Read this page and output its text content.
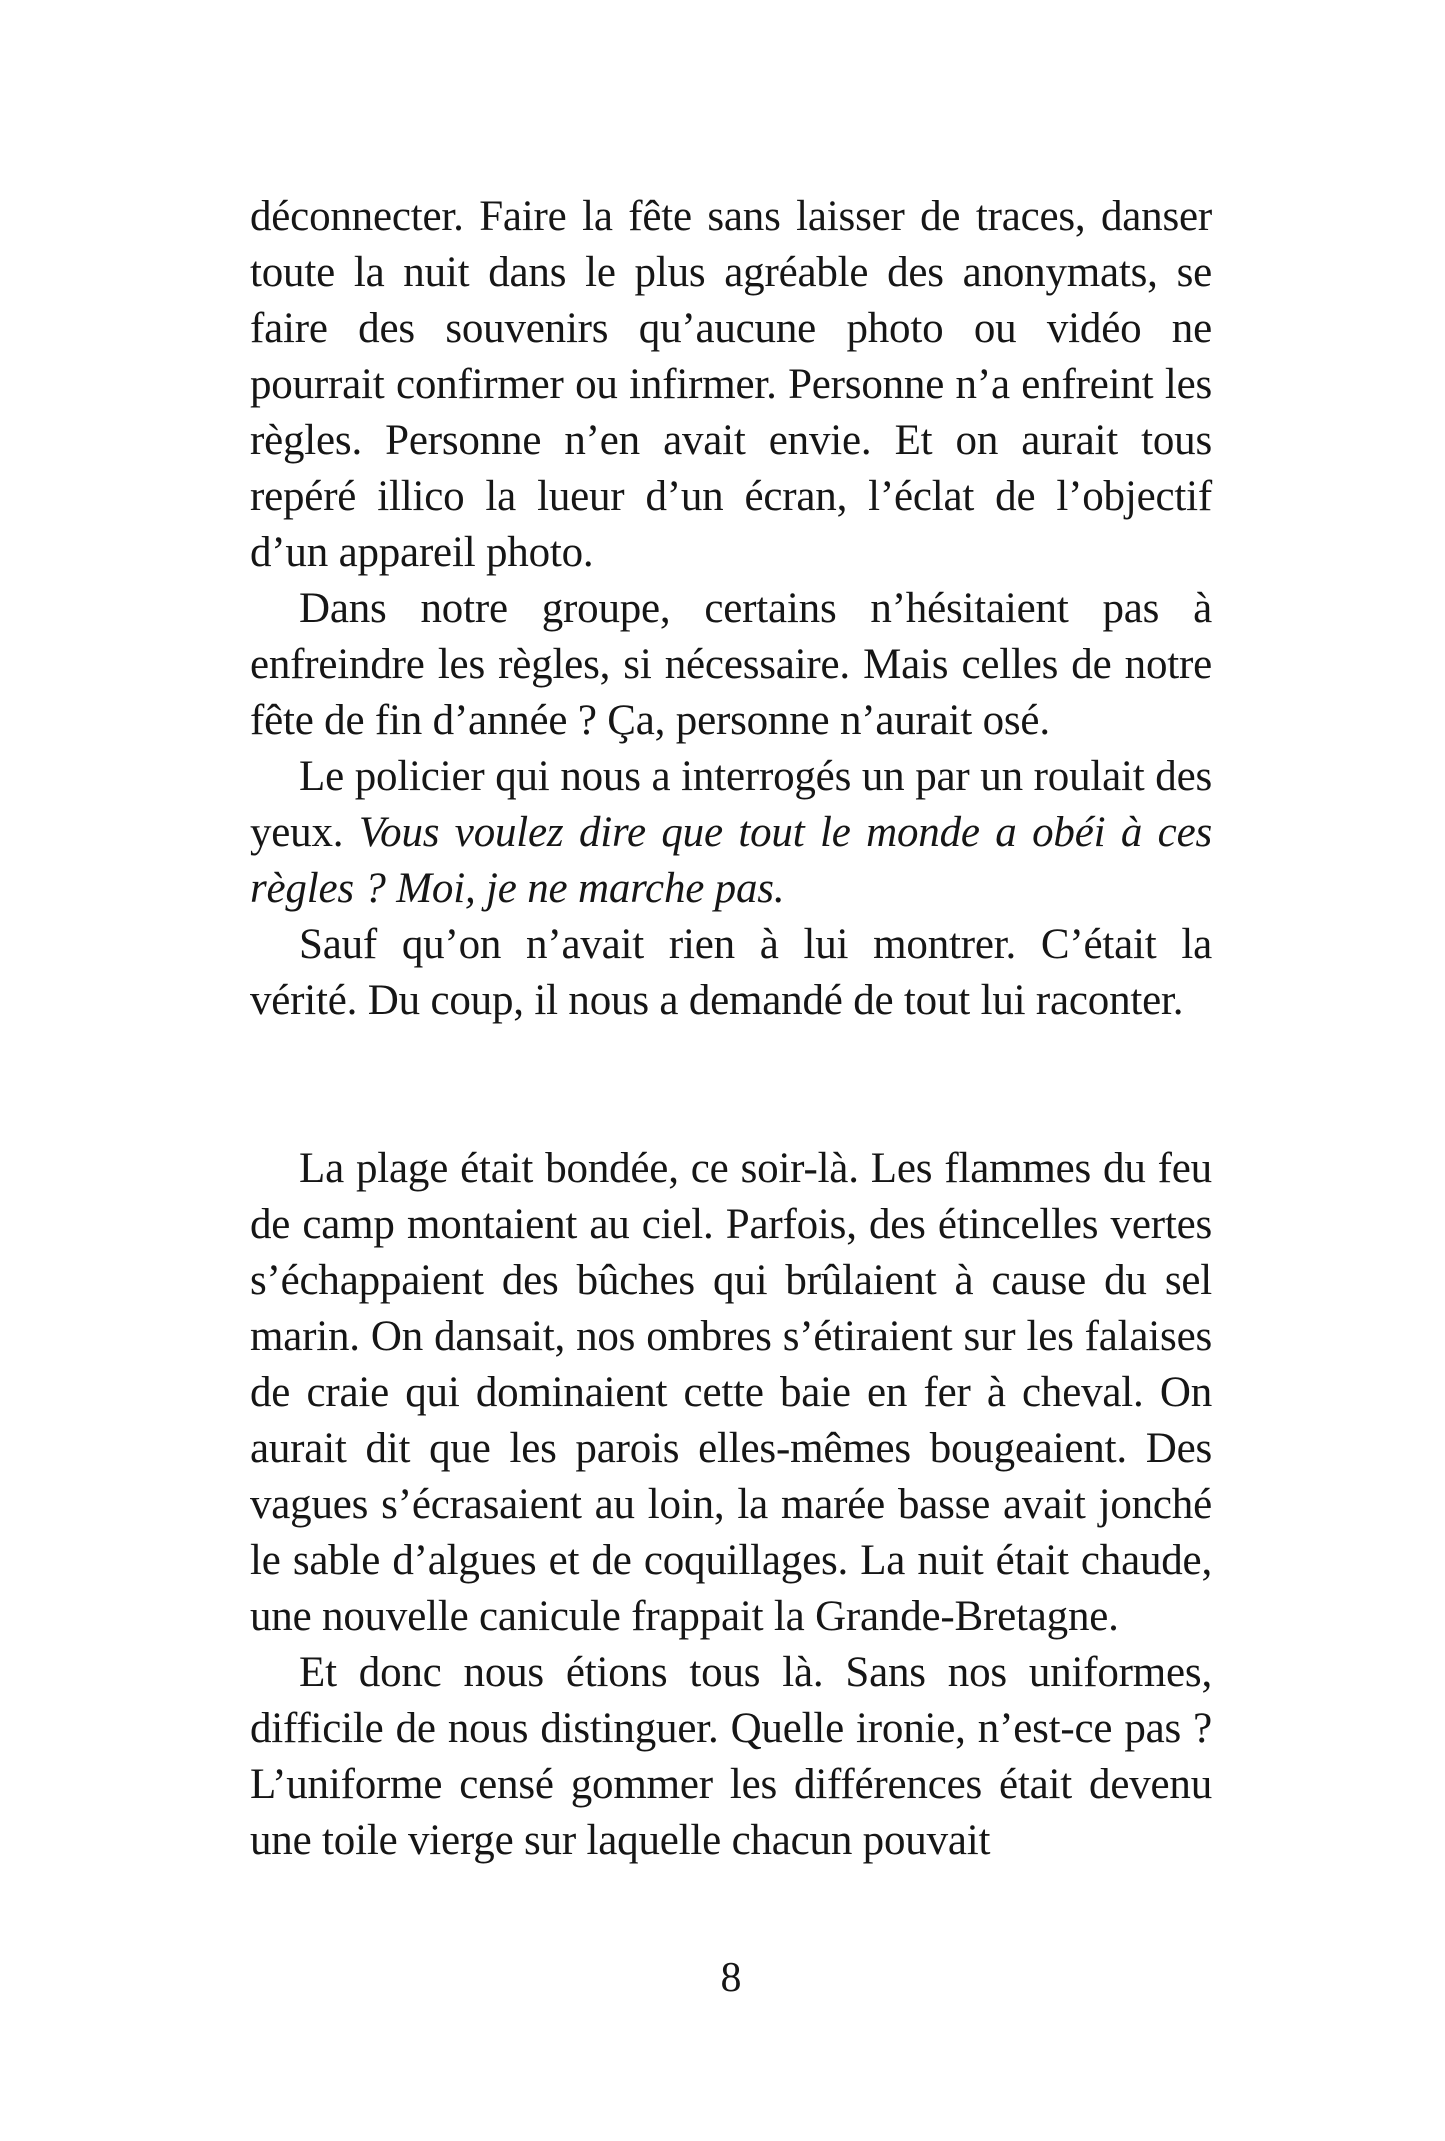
déconnecter. Faire la fête sans laisser de traces, danser toute la nuit dans le plus agréable des anonymats, se faire des souvenirs qu’aucune photo ou vidéo ne pourrait confirmer ou infirmer. Personne n’a enfreint les règles. Personne n’en avait envie. Et on aurait tous repéré illico la lueur d’un écran, l’éclat de l’objectif d’un appareil photo.

Dans notre groupe, certains n’hésitaient pas à enfreindre les règles, si nécessaire. Mais celles de notre fête de fin d’année ? Ça, personne n’aurait osé.

Le policier qui nous a interrogés un par un roulait des yeux. Vous voulez dire que tout le monde a obéi à ces règles ? Moi, je ne marche pas.

Sauf qu’on n’avait rien à lui montrer. C’était la vérité. Du coup, il nous a demandé de tout lui raconter.

La plage était bondée, ce soir-là. Les flammes du feu de camp montaient au ciel. Parfois, des étincelles vertes s’échappaient des bûches qui brûlaient à cause du sel marin. On dansait, nos ombres s’étiraient sur les falaises de craie qui dominaient cette baie en fer à cheval. On aurait dit que les parois elles-mêmes bougeaient. Des vagues s’écrasaient au loin, la marée basse avait jonché le sable d’algues et de coquillages. La nuit était chaude, une nouvelle canicule frappait la Grande-Bretagne.

Et donc nous étions tous là. Sans nos uniformes, difficile de nous distinguer. Quelle ironie, n’est-ce pas ? L’uniforme censé gommer les différences était devenu une toile vierge sur laquelle chacun pouvait

8
